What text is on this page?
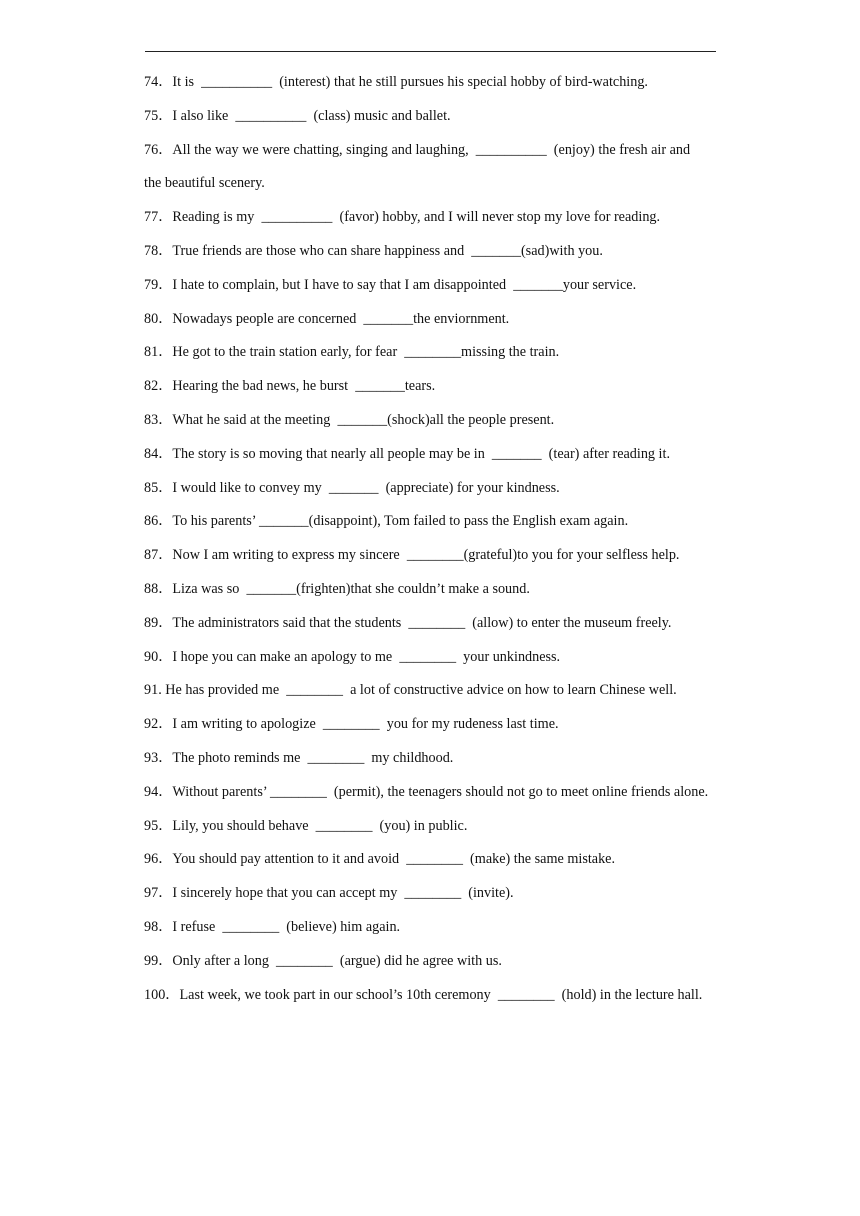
74．It is  __________  (interest) that he still pursues his special hobby of bird-watching.
75．I also like  __________  (class) music and ballet.
76．All the way we were chatting, singing and laughing,  __________  (enjoy) the fresh air and the beautiful scenery.
77．Reading is my  __________  (favor) hobby, and I will never stop my love for reading.
78．True friends are those who can share happiness and  _______(sad)with you.
79．I hate to complain, but I have to say that I am disappointed  _______your service.
80．Nowadays people are concerned  _______the enviornment.
81．He got to the train station early, for fear  ________missing the train.
82．Hearing the bad news, he burst  _______tears.
83．What he said at the meeting  _______(shock)all the people present.
84．The story is so moving that nearly all people may be in  _______  (tear) after reading it.
85．I would like to convey my  _______  (appreciate) for your kindness.
86．To his parents’ _______(disappoint), Tom failed to pass the English exam again.
87．Now I am writing to express my sincere  ________(grateful)to you for your selfless help.
88．Liza was so  _______(frighten)that she couldn’t make a sound.
89．The administrators said that the students  ________  (allow) to enter the museum freely.
90．I hope you can make an apology to me  ________  your unkindness.
91. He has provided me  ________  a lot of constructive advice on how to learn Chinese well.
92．I am writing to apologize  ________  you for my rudeness last time.
93．The photo reminds me  ________  my childhood.
94．Without parents’ ________  (permit), the teenagers should not go to meet online friends alone.
95．Lily, you should behave  ________  (you) in public.
96．You should pay attention to it and avoid  ________  (make) the same mistake.
97．I sincerely hope that you can accept my  ________  (invite).
98．I refuse  ________  (believe) him again.
99．Only after a long  ________  (argue) did he agree with us.
100．Last week, we took part in our school’s 10th ceremony  ________  (hold) in the lecture hall.
